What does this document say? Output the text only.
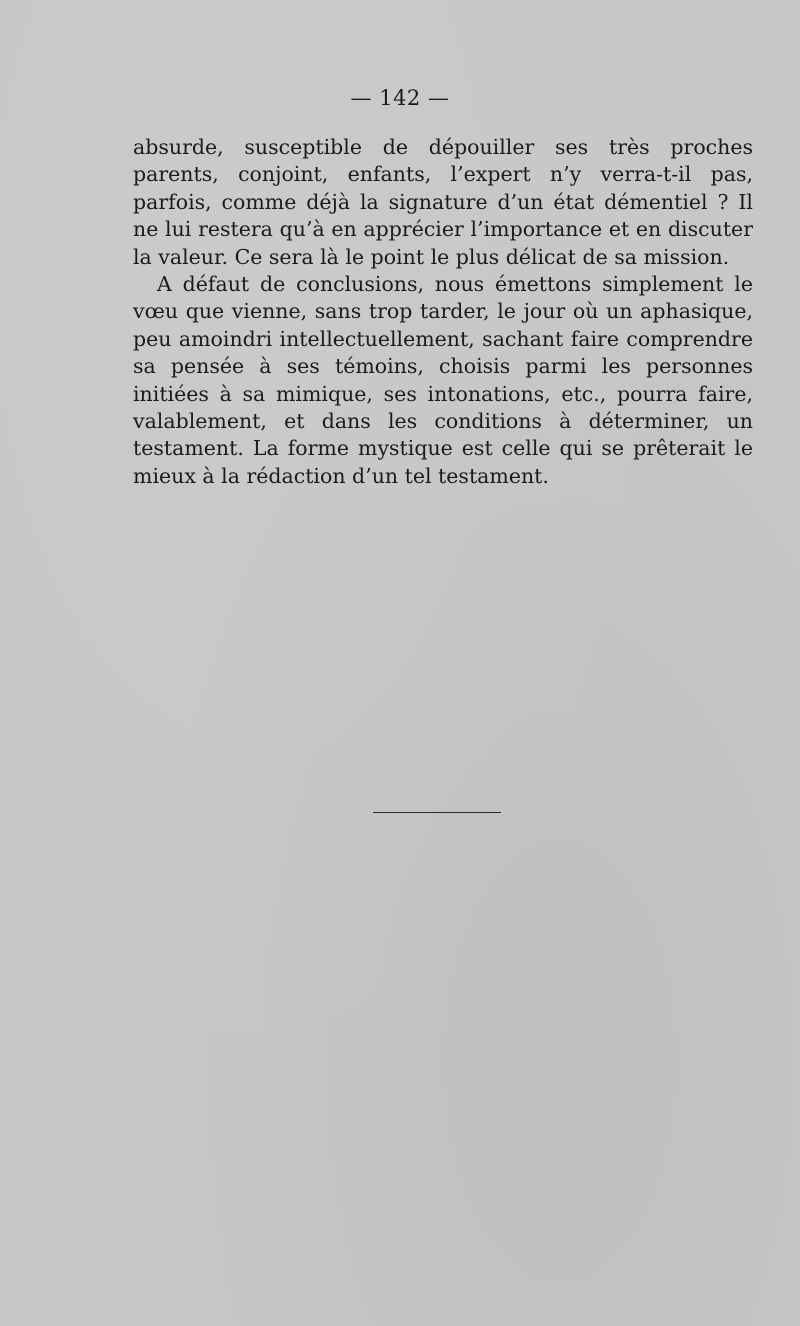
— 142 —

absurde, susceptible de dépouiller ses très proches parents, conjoint, enfants, l’expert n’y verra-t-il pas, parfois, comme déjà la signature d’un état démentiel ? Il ne lui restera qu’à en apprécier l’importance et en discuter la valeur. Ce sera là le point le plus délicat de sa mission.

A défaut de conclusions, nous émettons simplement le vœu que vienne, sans trop tarder, le jour où un aphasique, peu amoindri intellectuellement, sachant faire comprendre sa pensée à ses témoins, choisis parmi les personnes initiées à sa mimique, ses intonations, etc., pourra faire, valablement, et dans les conditions à déterminer, un testament. La forme mystique est celle qui se prêterait le mieux à la rédaction d’un tel testament.
